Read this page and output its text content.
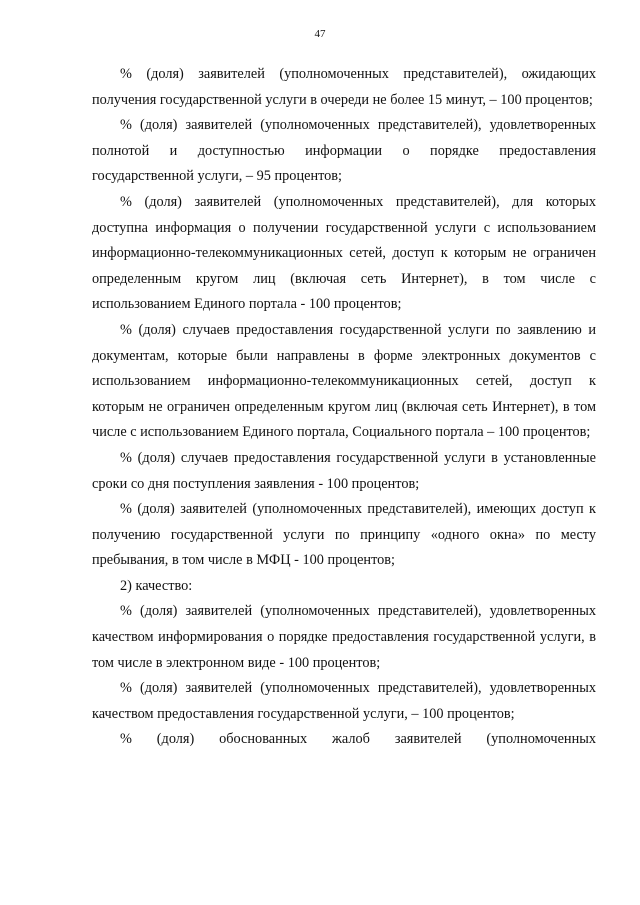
47

% (доля) заявителей (уполномоченных представителей), ожидающих получения государственной услуги в очереди не более 15 минут, – 100 процентов;

% (доля) заявителей (уполномоченных представителей), удовлетворенных полнотой и доступностью информации о порядке предоставления государственной услуги, – 95 процентов;

% (доля) заявителей (уполномоченных представителей), для которых доступна информация о получении государственной услуги с использованием информационно-телекоммуникационных сетей, доступ к которым не ограничен определенным кругом лиц (включая сеть Интернет), в том числе с использованием Единого портала - 100 процентов;

% (доля) случаев предоставления государственной услуги по заявлению и документам, которые были направлены в форме электронных документов с использованием информационно-телекоммуникационных сетей, доступ к которым не ограничен определенным кругом лиц (включая сеть Интернет), в том числе с использованием Единого портала, Социального портала – 100 процентов;

% (доля) случаев предоставления государственной услуги в установленные сроки со дня поступления заявления - 100 процентов;

% (доля) заявителей (уполномоченных представителей), имеющих доступ к получению государственной услуги по принципу «одного окна» по месту пребывания, в том числе в МФЦ - 100 процентов;

2) качество:

% (доля) заявителей (уполномоченных представителей), удовлетворенных качеством информирования о порядке предоставления государственной услуги, в том числе в электронном виде - 100 процентов;

% (доля) заявителей (уполномоченных представителей), удовлетворенных качеством предоставления государственной услуги, – 100 процентов;

% (доля) обоснованных жалоб заявителей (уполномоченных
